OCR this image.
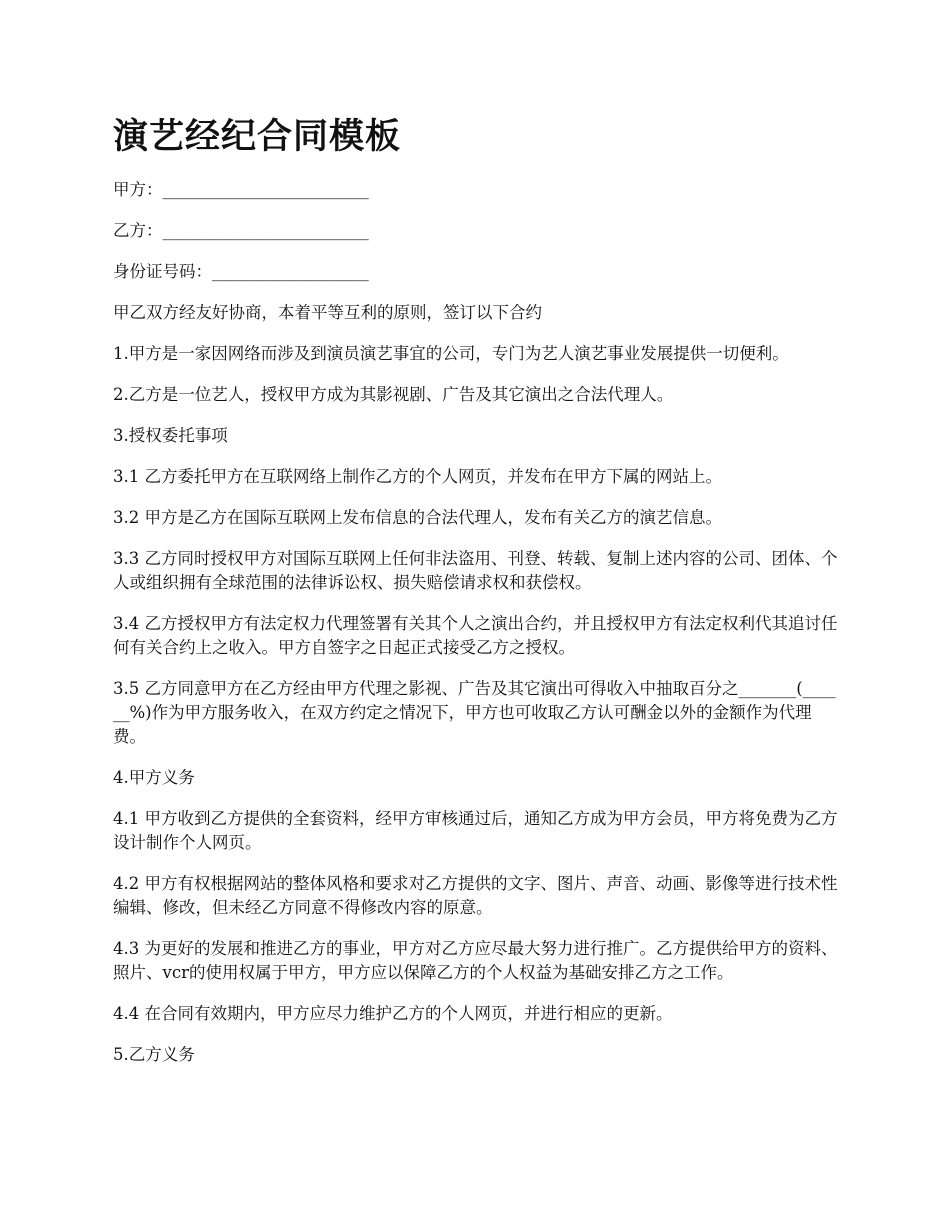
演艺经纪合同模板

甲方：_________________________

乙方：_________________________

身份证号码：___________________

甲乙双方经友好协商，本着平等互利的原则，签订以下合约

1.甲方是一家因网络而涉及到演员演艺事宜的公司，专门为艺人演艺事业发展提供一切便利。

2.乙方是一位艺人，授权甲方成为其影视剧、广告及其它演出之合法代理人。

3.授权委托事项

3.1 乙方委托甲方在互联网络上制作乙方的个人网页，并发布在甲方下属的网站上。

3.2 甲方是乙方在国际互联网上发布信息的合法代理人，发布有关乙方的演艺信息。

3.3 乙方同时授权甲方对国际互联网上任何非法盗用、刊登、转载、复制上述内容的公司、团体、个人或组织拥有全球范围的法律诉讼权、损失赔偿请求权和获偿权。

3.4 乙方授权甲方有法定权力代理签署有关其个人之演出合约，并且授权甲方有法定权利代其追讨任何有关合约上之收入。甲方自签字之日起正式接受乙方之授权。

3.5 乙方同意甲方在乙方经由甲方代理之影视、广告及其它演出可得收入中抽取百分之_______(______%)作为甲方服务收入，在双方约定之情况下，甲方也可收取乙方认可酬金以外的金额作为代理费。

4.甲方义务

4.1 甲方收到乙方提供的全套资料，经甲方审核通过后，通知乙方成为甲方会员，甲方将免费为乙方设计制作个人网页。

4.2 甲方有权根据网站的整体风格和要求对乙方提供的文字、图片、声音、动画、影像等进行技术性编辑、修改，但未经乙方同意不得修改内容的原意。

4.3 为更好的发展和推进乙方的事业，甲方对乙方应尽最大努力进行推广。乙方提供给甲方的资料、照片、vcr的使用权属于甲方，甲方应以保障乙方的个人权益为基础安排乙方之工作。

4.4 在合同有效期内，甲方应尽力维护乙方的个人网页，并进行相应的更新。

5.乙方义务
